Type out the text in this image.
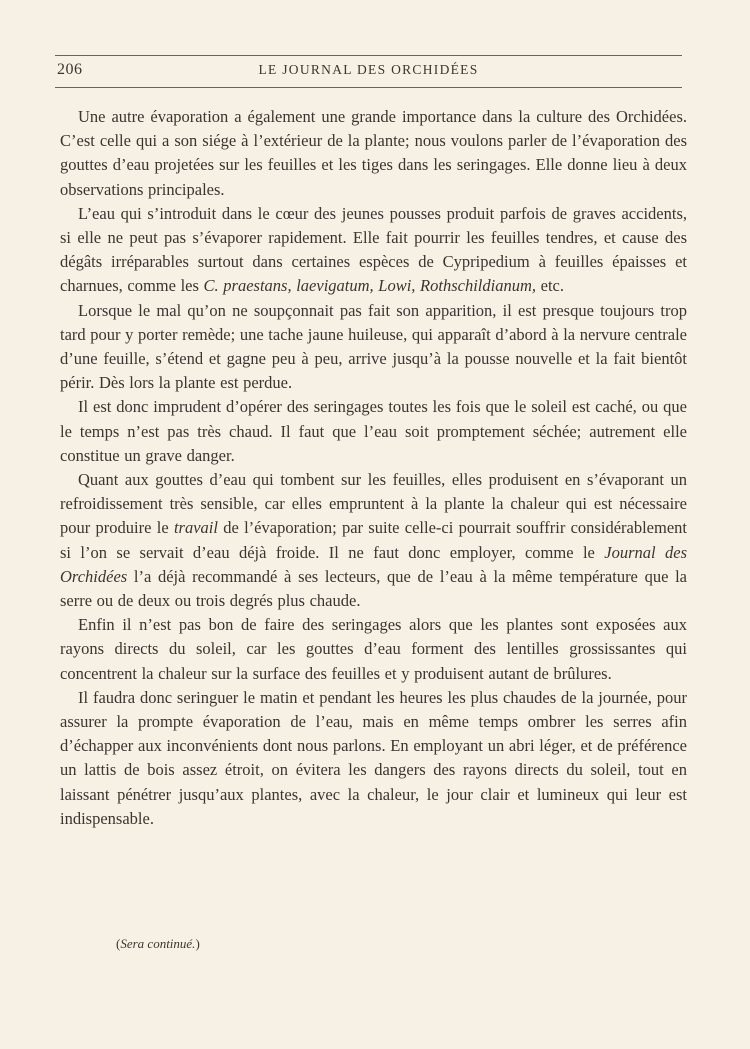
206	LE JOURNAL DES ORCHIDÉES

Une autre évaporation a également une grande importance dans la culture des Orchidées. C’est celle qui a son siége à l’extérieur de la plante; nous voulons parler de l’évaporation des gouttes d’eau projetées sur les feuilles et les tiges dans les seringages. Elle donne lieu à deux observations principales.

L’eau qui s’introduit dans le cœur des jeunes pousses produit parfois de graves accidents, si elle ne peut pas s’évaporer rapidement. Elle fait pourrir les feuilles tendres, et cause des dégâts irréparables surtout dans certaines espèces de Cypripedium à feuilles épaisses et charnues, comme les C. praestans, laevigatum, Lowi, Rothschildianum, etc.

Lorsque le mal qu’on ne soupçonnait pas fait son apparition, il est presque toujours trop tard pour y porter remède; une tache jaune huileuse, qui apparaît d’abord à la nervure centrale d’une feuille, s’étend et gagne peu à peu, arrive jusqu’à la pousse nouvelle et la fait bientôt périr. Dès lors la plante est perdue.

Il est donc imprudent d’opérer des seringages toutes les fois que le soleil est caché, ou que le temps n’est pas très chaud. Il faut que l’eau soit promptement séchée; autrement elle constitue un grave danger.

Quant aux gouttes d’eau qui tombent sur les feuilles, elles produisent en s’évaporant un refroidissement très sensible, car elles empruntent à la plante la chaleur qui est nécessaire pour produire le travail de l’évaporation; par suite celle-ci pourrait souffrir considérablement si l’on se servait d’eau déjà froide. Il ne faut donc employer, comme le Journal des Orchidées l’a déjà recommandé à ses lecteurs, que de l’eau à la même température que la serre ou de deux ou trois degrés plus chaude.

Enfin il n’est pas bon de faire des seringages alors que les plantes sont exposées aux rayons directs du soleil, car les gouttes d’eau forment des lentilles grossissantes qui concentrent la chaleur sur la surface des feuilles et y produisent autant de brûlures.

Il faudra donc seringuer le matin et pendant les heures les plus chaudes de la journée, pour assurer la prompte évaporation de l’eau, mais en même temps ombrer les serres afin d’échapper aux inconvénients dont nous parlons. En employant un abri léger, et de préférence un lattis de bois assez étroit, on évitera les dangers des rayons directs du soleil, tout en laissant pénétrer jusqu’aux plantes, avec la chaleur, le jour clair et lumineux qui leur est indispensable.

(Sera continué.)
